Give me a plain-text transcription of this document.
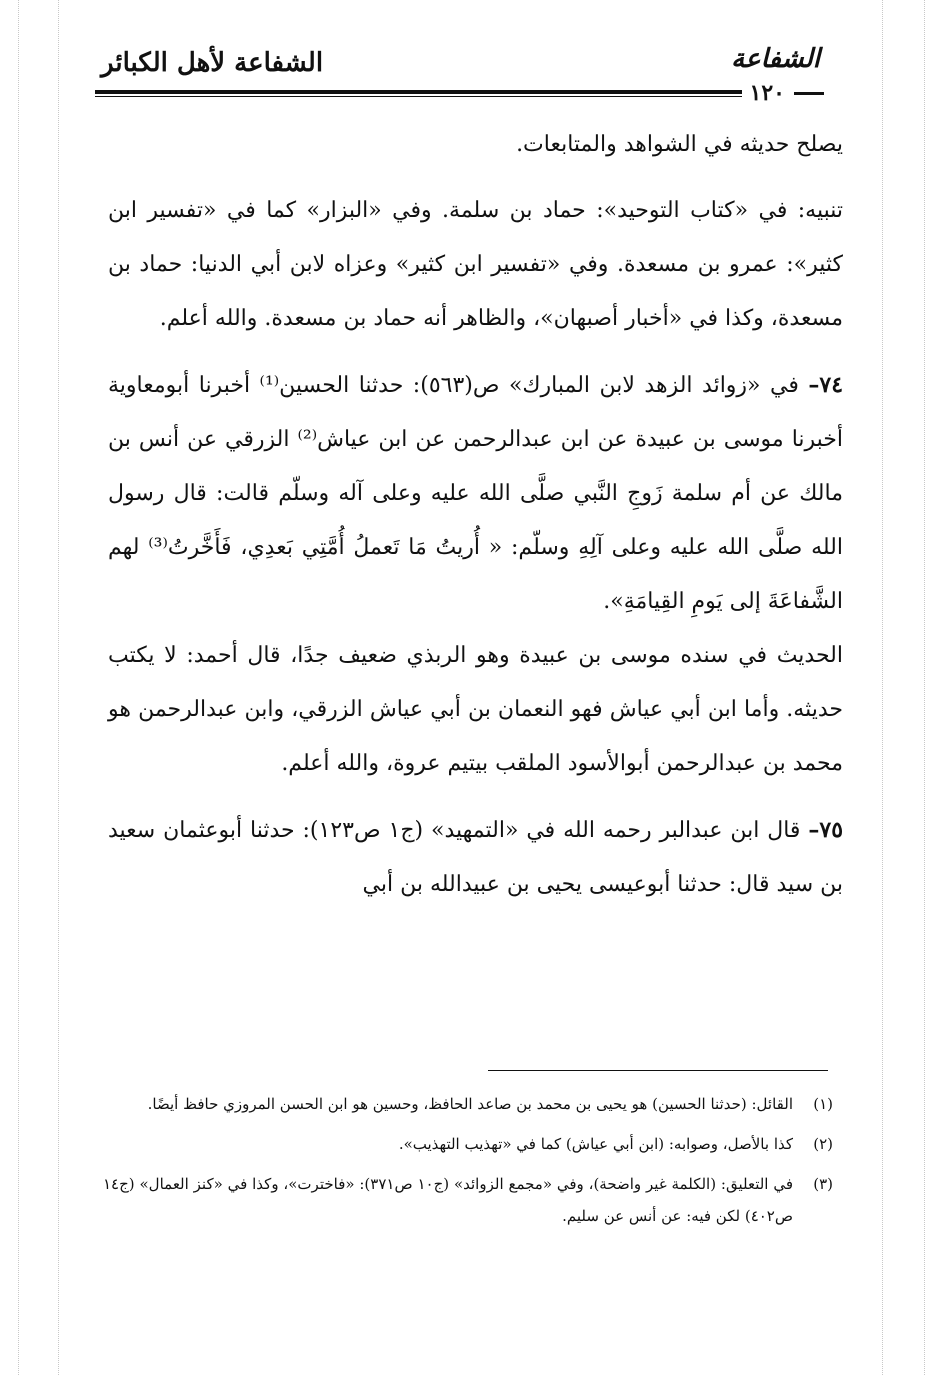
الشفاعة لأهل الكبائر	الشفاعة
١٢٠

يصلح حديثه في الشواهد والمتابعات.

تنبيه: في «كتاب التوحيد»: حماد بن سلمة. وفي «البزار» كما في «تفسير ابن كثير»: عمرو بن مسعدة. وفي «تفسير ابن كثير» وعزاه لابن أبي الدنيا: حماد بن مسعدة، وكذا في «أخبار أصبهان»، والظاهر أنه حماد بن مسعدة. والله أعلم.

٧٤– في «زوائد الزهد لابن المبارك» ص(٥٦٣): حدثنا الحسين⁽¹⁾ أخبرنا أبومعاوية أخبرنا موسى بن عبيدة عن ابن عبدالرحمن عن ابن عياش⁽²⁾ الزرقي عن أنس بن مالك عن أم سلمة زَوجِ النَّبي صلَّى الله عليه وعلى آله وسلّم قالت: قال رسول الله صلَّى الله عليه وعلى آلِهِ وسلّم: « أُريتُ مَا تَعملُ أُمَّتِي بَعدِي، فَأَخَّرتُ⁽³⁾ لهم الشَّفاعَةَ إلى يَومِ القِيامَةِ».

الحديث في سنده موسى بن عبيدة وهو الربذي ضعيف جدًا، قال أحمد: لا يكتب حديثه. وأما ابن أبي عياش فهو النعمان بن أبي عياش الزرقي، وابن عبدالرحمن هو محمد بن عبدالرحمن أبوالأسود الملقب بيتيم عروة، والله أعلم.

٧٥– قال ابن عبدالبر رحمه الله في «التمهيد» (ج١ ص١٢٣): حدثنا أبوعثمان سعيد بن سيد قال: حدثنا أبوعيسى يحيى بن عبيدالله بن أبي

(١)
القائل: (حدثنا الحسين) هو يحيى بن محمد بن صاعد الحافظ، وحسين هو ابن الحسن المروزي حافظ أيضًا.
(٢)
كذا بالأصل، وصوابه: (ابن أبي عياش) كما في «تهذيب التهذيب».
(٣)
في التعليق: (الكلمة غير واضحة)، وفي «مجمع الزوائد» (ج١٠ ص٣٧١): «فاخترت»، وكذا في «كنز العمال» (ج١٤ ص٤٠٢) لكن فيه: عن أنس عن سليم.
